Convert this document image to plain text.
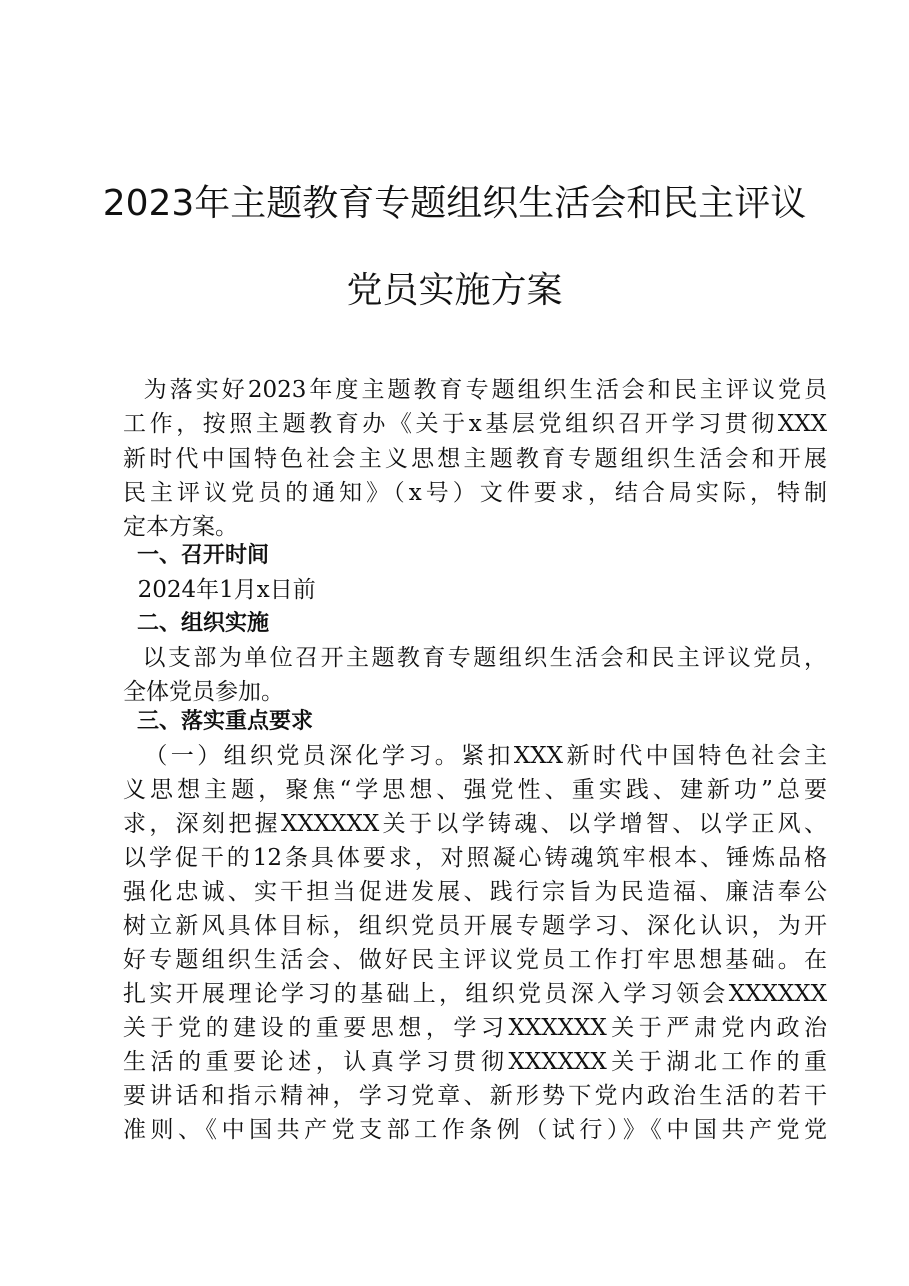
2023年主题教育专题组织生活会和民主评议
党员实施方案
为落实好2023年度主题教育专题组织生活会和民主评议党员
工作，按照主题教育办《关于x基层党组织召开学习贯彻XXX
新时代中国特色社会主义思想主题教育专题组织生活会和开展
民主评议党员的通知》（x号）文件要求，结合局实际，特制
定本方案。
一、召开时间
2024年1月x日前
二、组织实施
以支部为单位召开主题教育专题组织生活会和民主评议党员，
全体党员参加。
三、落实重点要求
（一）组织党员深化学习。紧扣XXX新时代中国特色社会主
义思想主题，聚焦“学思想、强党性、重实践、建新功”总要
求，深刻把握XXXXXX关于以学铸魂、以学增智、以学正风、
以学促干的12条具体要求，对照凝心铸魂筑牢根本、锤炼品格
强化忠诚、实干担当促进发展、践行宗旨为民造福、廉洁奉公
树立新风具体目标，组织党员开展专题学习、深化认识，为开
好专题组织生活会、做好民主评议党员工作打牢思想基础。在
扎实开展理论学习的基础上，组织党员深入学习领会XXXXXX
关于党的建设的重要思想，学习XXXXXX关于严肃党内政治
生活的重要论述，认真学习贯彻XXXXXX关于湖北工作的重
要讲话和指示精神，学习党章、新形势下党内政治生活的若干
准则、《中国共产党支部工作条例（试行）》《中国共产党党
